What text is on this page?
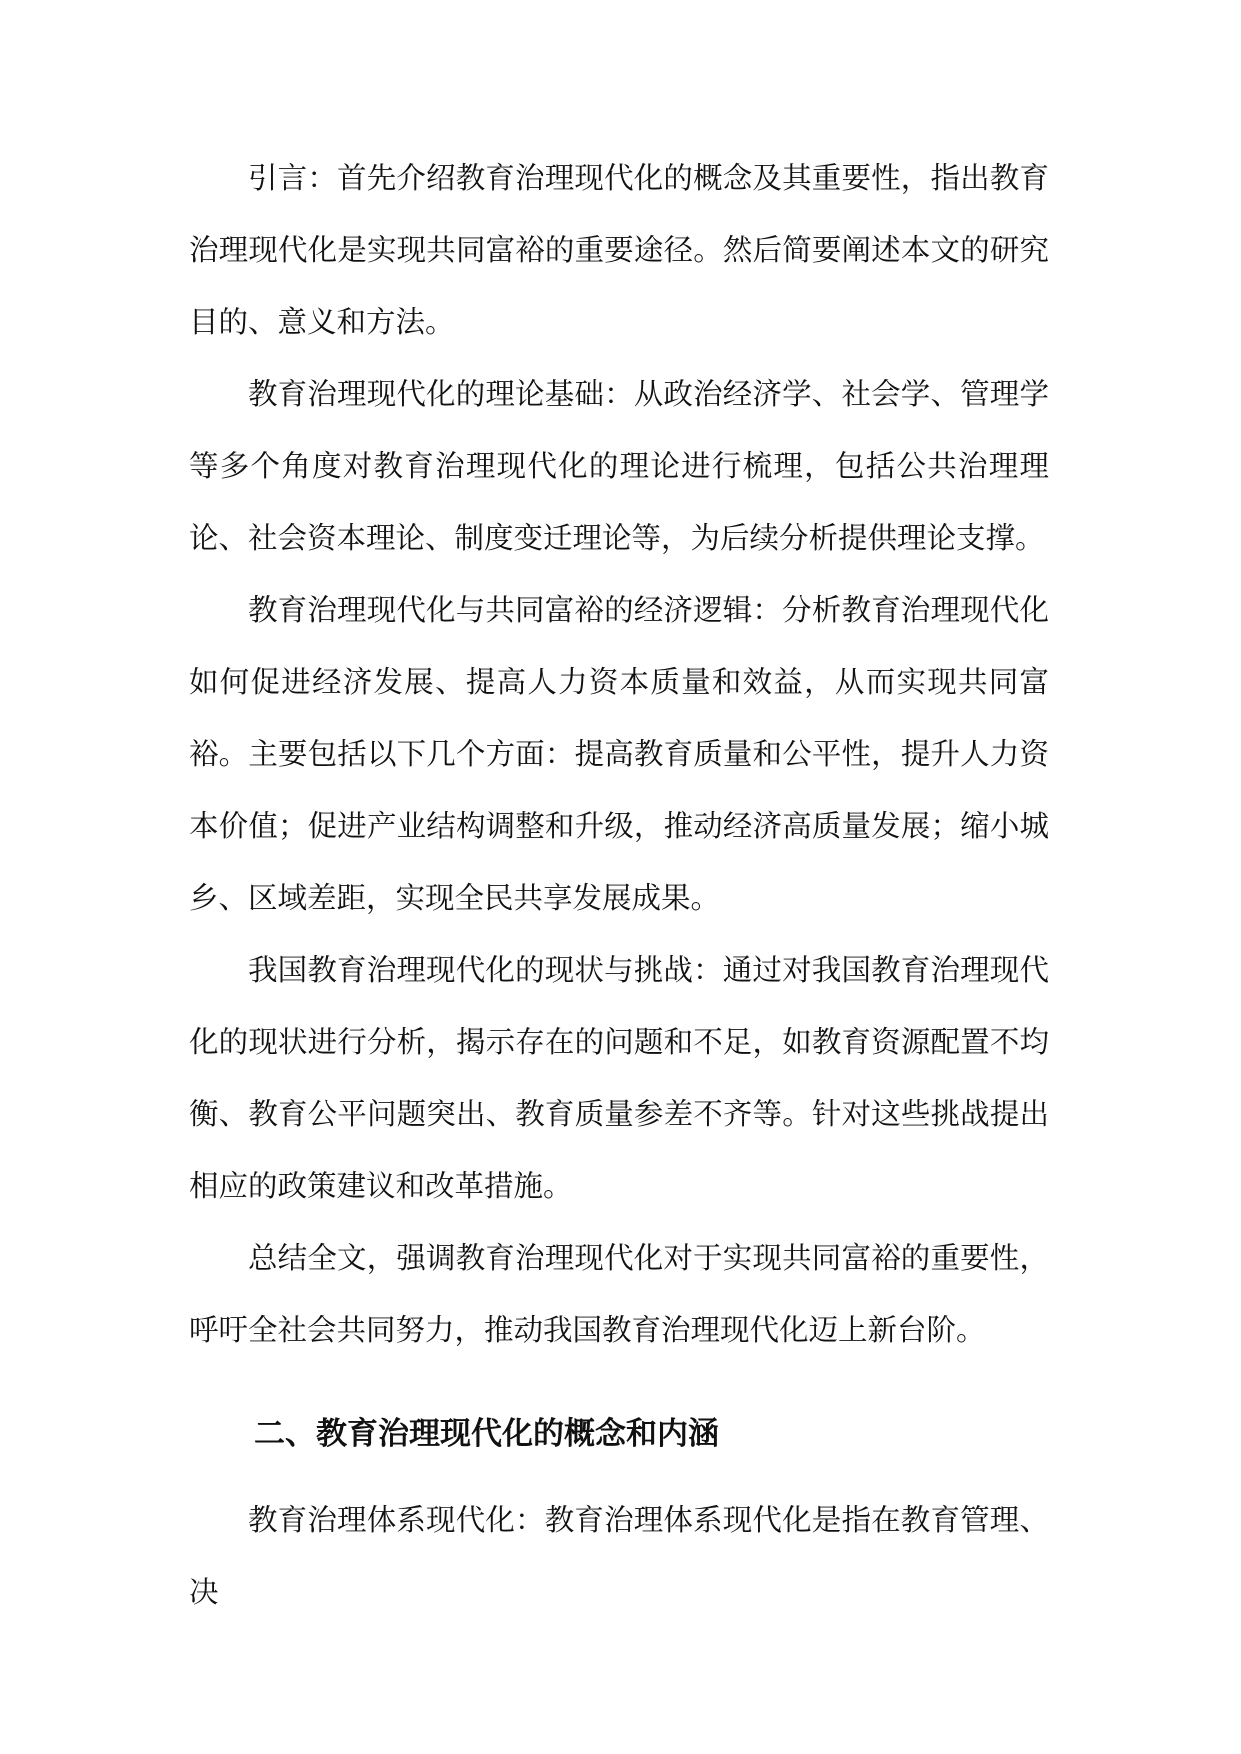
引言：首先介绍教育治理现代化的概念及其重要性，指出教育治理现代化是实现共同富裕的重要途径。然后简要阐述本文的研究目的、意义和方法。

教育治理现代化的理论基础：从政治经济学、社会学、管理学等多个角度对教育治理现代化的理论进行梳理，包括公共治理理论、社会资本理论、制度变迁理论等，为后续分析提供理论支撑。

教育治理现代化与共同富裕的经济逻辑：分析教育治理现代化如何促进经济发展、提高人力资本质量和效益，从而实现共同富裕。主要包括以下几个方面：提高教育质量和公平性，提升人力资本价值；促进产业结构调整和升级，推动经济高质量发展；缩小城乡、区域差距，实现全民共享发展成果。

我国教育治理现代化的现状与挑战：通过对我国教育治理现代化的现状进行分析，揭示存在的问题和不足，如教育资源配置不均衡、教育公平问题突出、教育质量参差不齐等。针对这些挑战提出相应的政策建议和改革措施。

总结全文，强调教育治理现代化对于实现共同富裕的重要性，呼吁全社会共同努力，推动我国教育治理现代化迈上新台阶。

二、教育治理现代化的概念和内涵

教育治理体系现代化：教育治理体系现代化是指在教育管理、决
